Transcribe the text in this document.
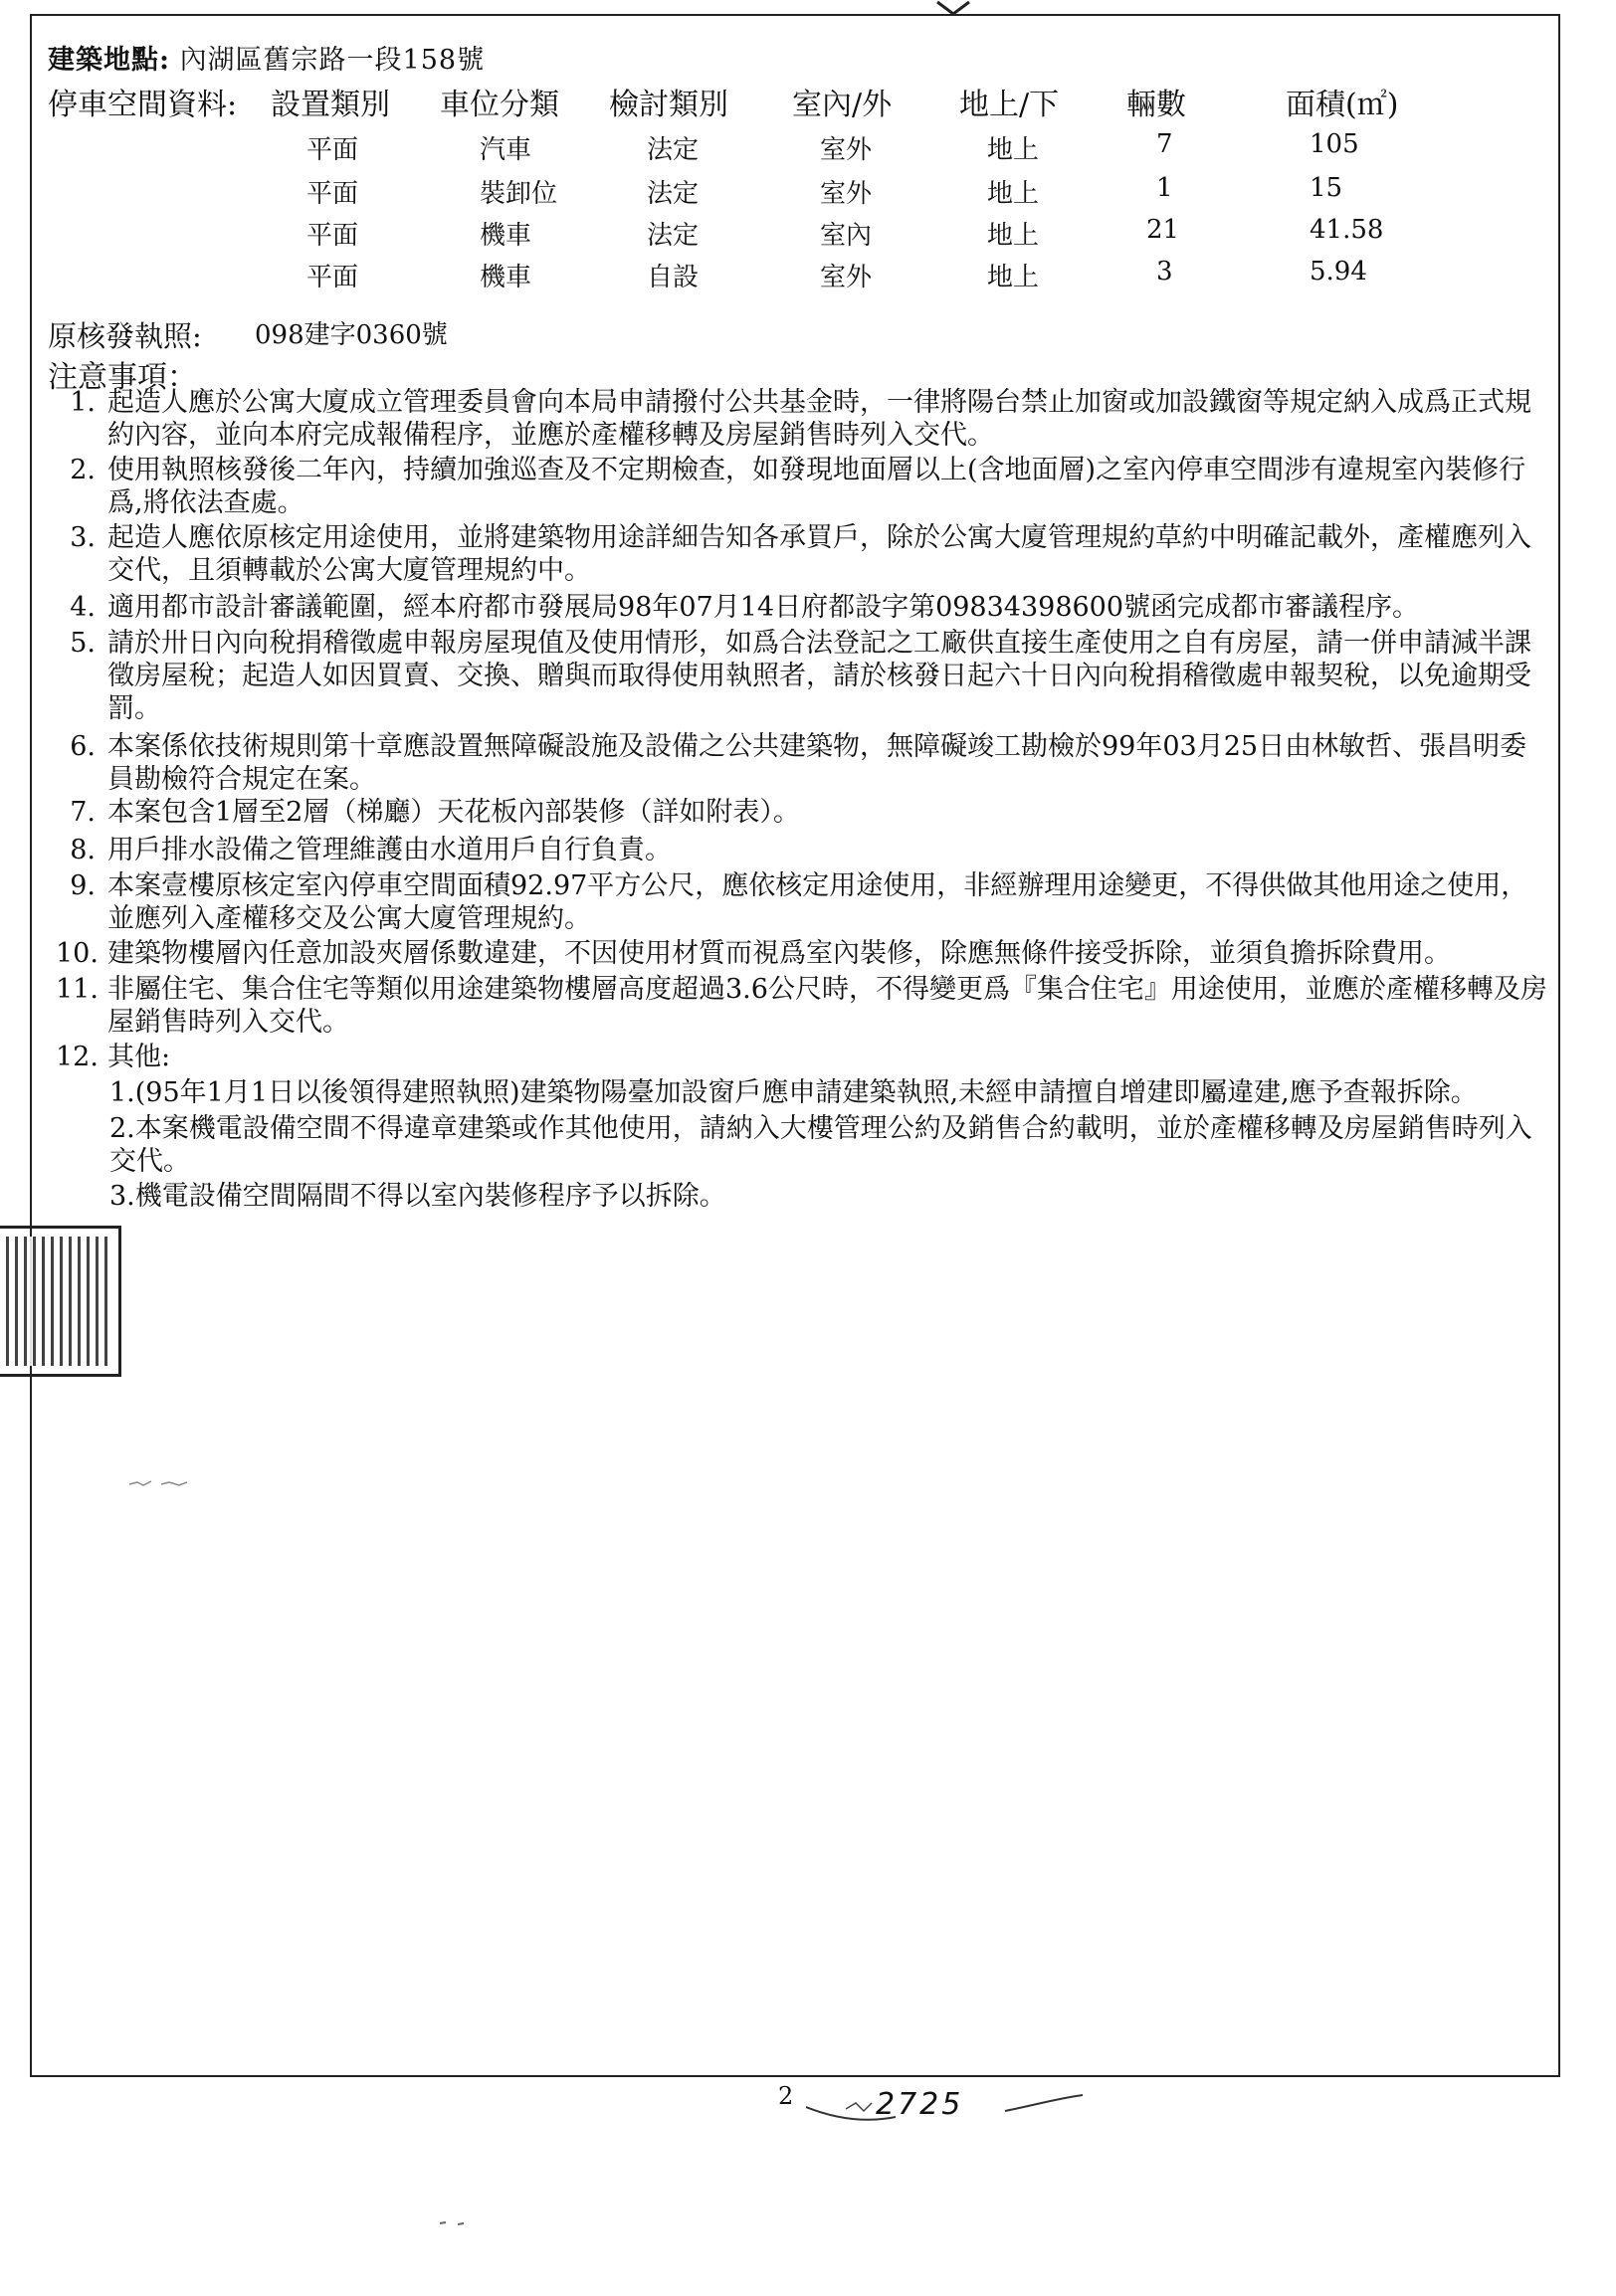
建築地點: 內湖區舊宗路一段158號
停車空間資料: 設置類別 車位分類 檢討類別 室內/外 地上/下 輛數	面積(㎡)
平面	汽車	法定	室外	地上	7	105
平面	裝卸位	法定	室外	地上	1	15
平面	機車	法定	室內	地上	21	41.58
平面	機車	自設	室外	地上	3	5.94
原核發執照: 098建字0360號
注意事項：
1. 起造人應於公寓大廈成立管理委員會向本局申請撥付公共基金時，一律將陽台禁止加窗或加設鐵窗等規定納入成爲正式規約內容，並向本府完成報備程序，並應於產權移轉及房屋銷售時列入交代。
2. 使用執照核發後二年內，持續加強巡查及不定期檢查，如發現地面層以上(含地面層)之室內停車空間涉有違規室內裝修行爲,將依法查處。
3. 起造人應依原核定用途使用，並將建築物用途詳細告知各承買戶，除於公寓大廈管理規約草約中明確記載外，產權應列入交代，且須轉載於公寓大廈管理規約中。
4. 適用都市設計審議範圍，經本府都市發展局98年07月14日府都設字第09834398600號函完成都市審議程序。
5. 請於卅日內向稅捐稽徵處申報房屋現值及使用情形，如爲合法登記之工廠供直接生產使用之自有房屋，請一併申請減半課徵房屋稅；起造人如因買賣、交換、贈與而取得使用執照者，請於核發日起六十日內向稅捐稽徵處申報契稅，以免逾期受罰。
6. 本案係依技術規則第十章應設置無障礙設施及設備之公共建築物，無障礙竣工勘檢於99年03月25日由林敏哲、張昌明委員勘檢符合規定在案。
7. 本案包含1層至2層（梯廳）天花板內部裝修（詳如附表）。
8. 用戶排水設備之管理維護由水道用戶自行負責。
9. 本案壹樓原核定室內停車空間面積92.97平方公尺，應依核定用途使用，非經辦理用途變更，不得供做其他用途之使用，並應列入產權移交及公寓大廈管理規約。
10. 建築物樓層內任意加設夾層係數違建，不因使用材質而視爲室內裝修，除應無條件接受拆除，並須負擔拆除費用。
11. 非屬住宅、集合住宅等類似用途建築物樓層高度超過3.6公尺時，不得變更爲『集合住宅』用途使用，並應於產權移轉及房屋銷售時列入交代。
12. 其他:
1.(95年1月1日以後領得建照執照)建築物陽臺加設窗戶應申請建築執照,未經申請擅自增建即屬違建,應予查報拆除。
2.本案機電設備空間不得違章建築或作其他使用，請納入大樓管理公約及銷售合約載明，並於產權移轉及房屋銷售時列入交代。
3.機電設備空間隔間不得以室內裝修程序予以拆除。
2	2725
